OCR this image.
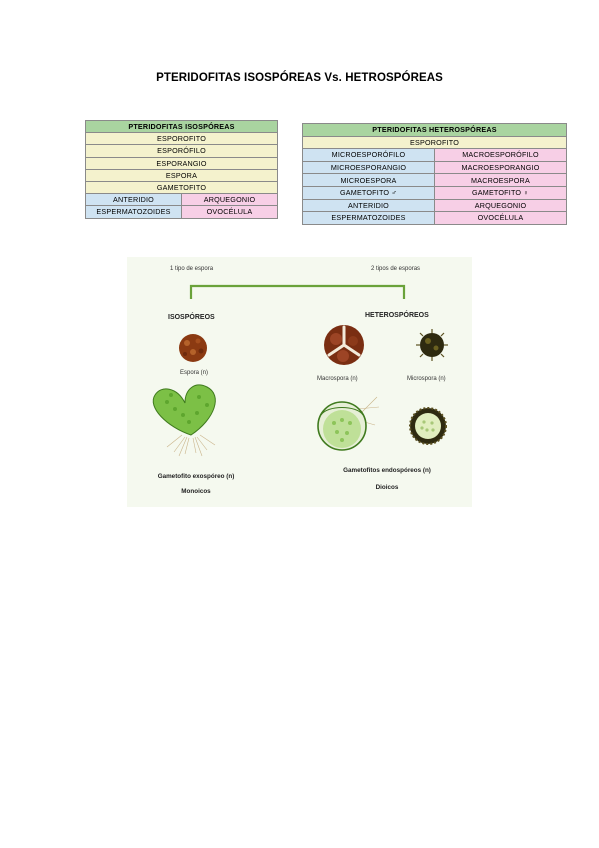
PTERIDOFITAS ISOSPÓREAS Vs. HETROSPÓREAS
PTERIDOFITAS ISOSPÓREAS	
ESPOROFITO	
ESPORÓFILO	
ESPORANGIO	
ESPORA	
GAMETOFITO	
ANTERIDIO	ARQUEGONIO
ESPERMATOZOIDES	OVOCÉLULA
PTERIDOFITAS HETEROSPÓREAS	
ESPOROFITO	
MICROESPORÓFILO	MACROESPORÓFILO
MICROESPORANGIO	MACROESPORANGIO
MICROESPORA	MACROESPORA
GAMETOFITO ♂	GAMETOFITO ♀
ANTERIDIO	ARQUEGONIO
ESPERMATOZOIDES	OVOCÉLULA
1 tipo de espora	2 tipos de esporas
ISOSPÓREOS	HETEROSPÓREOS
Espora (n)
Macrospora (n)	Microspora (n)
Gametofito exospóreo (n)
Monoicos
Gametofitos endospóreos (n)
Dioicos
